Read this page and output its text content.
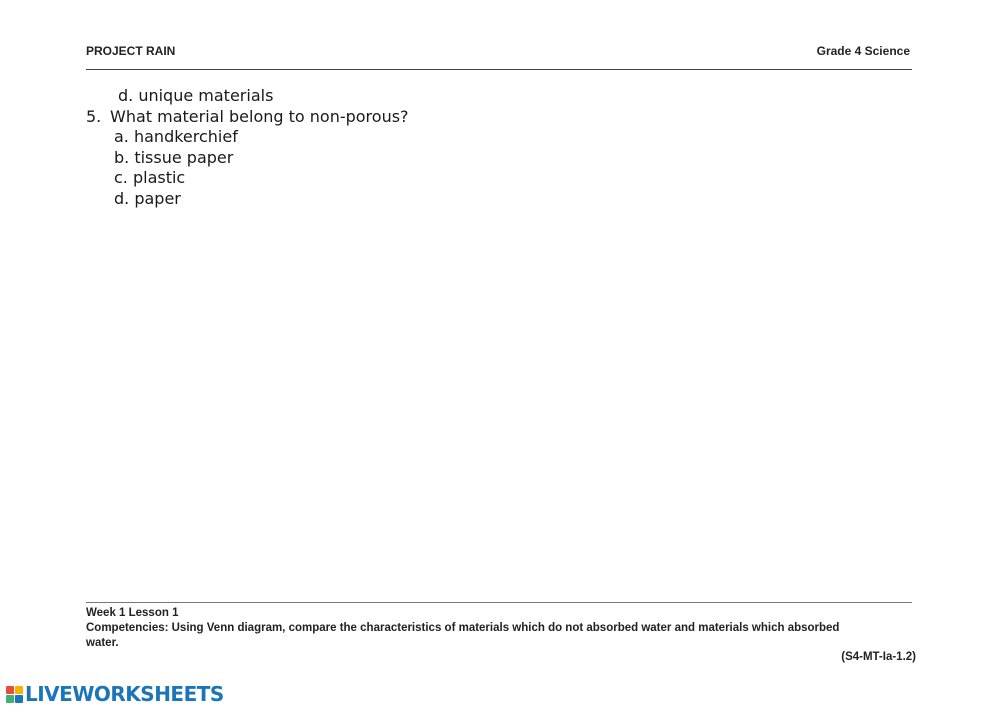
PROJECT RAIN	Grade 4 Science
d. unique materials
5. What material belong to non-porous?
a. handkerchief
b. tissue paper
c. plastic
d. paper
Week 1 Lesson 1
Competencies: Using Venn diagram, compare the characteristics of materials which do not absorbed water and materials which absorbed
water.
(S4-MT-Ia-1.2)
LIVEWORKSHEETS
